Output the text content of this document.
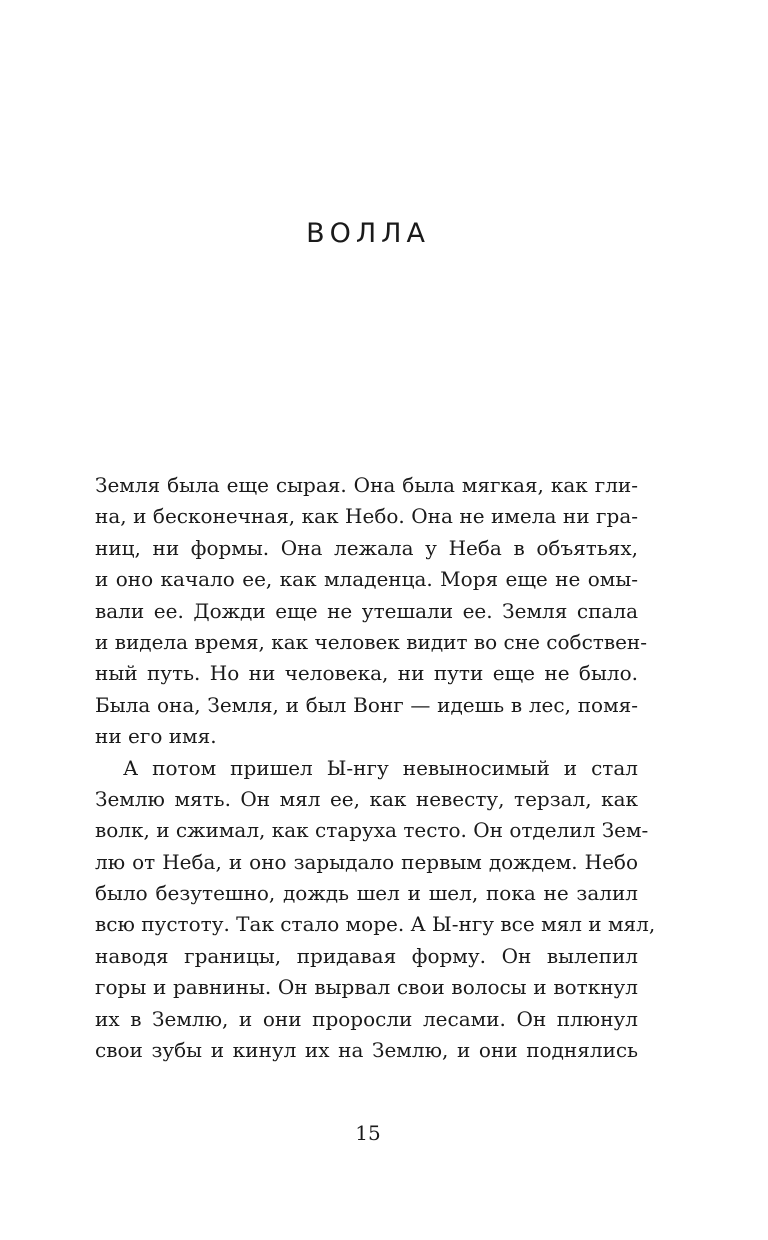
ВОЛЛА
Земля была еще сырая. Она была мягкая, как гли-
на, и бесконечная, как Небо. Она не имела ни гра-
ниц, ни формы. Она лежала у Неба в объятьях,
и оно качало ее, как младенца. Моря еще не омы-
вали ее. Дожди еще не утешали ее. Земля спала
и видела время, как человек видит во сне собствен-
ный путь. Но ни человека, ни пути еще не было.
Была она, Земля, и был Вонг — идешь в лес, помя-
ни его имя.
А потом пришел Ы-нгу невыносимый и стал
Землю мять. Он мял ее, как невесту, терзал, как
волк, и сжимал, как старуха тесто. Он отделил Зем-
лю от Неба, и оно зарыдало первым дождем. Небо
было безутешно, дождь шел и шел, пока не залил
всю пустоту. Так стало море. А Ы-нгу все мял и мял,
наводя границы, придавая форму. Он вылепил
горы и равнины. Он вырвал свои волосы и воткнул
их в Землю, и они проросли лесами. Он плюнул
свои зубы и кинул их на Землю, и они поднялись
15
